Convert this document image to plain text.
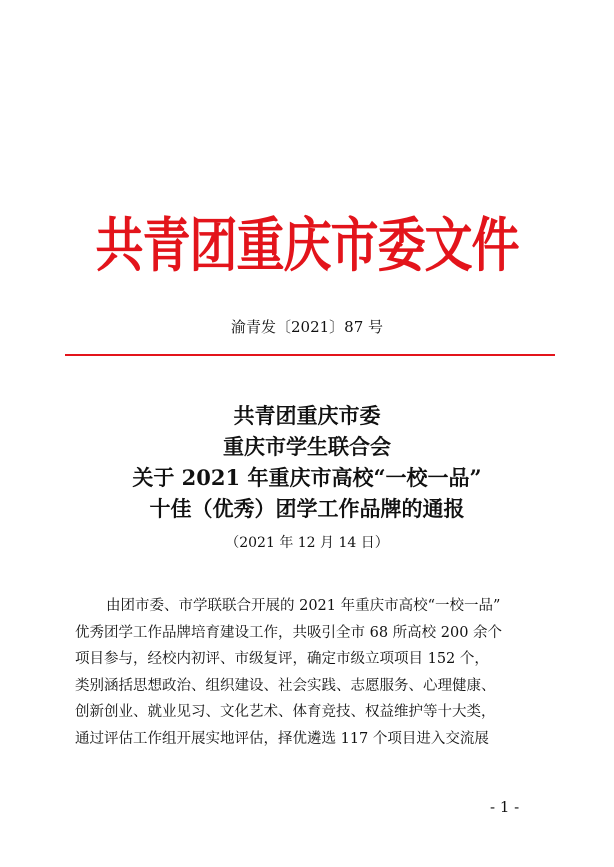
共青团重庆市委文件
渝青发〔2021〕87 号
共青团重庆市委
重庆市学生联合会
关于 2021 年重庆市高校“一校一品”
十佳（优秀）团学工作品牌的通报
（2021 年 12 月 14 日）
由团市委、市学联联合开展的 2021 年重庆市高校“一校一品”
优秀团学工作品牌培育建设工作，共吸引全市 68 所高校 200 余个
项目参与，经校内初评、市级复评，确定市级立项项目 152 个，
类别涵括思想政治、组织建设、社会实践、志愿服务、心理健康、
创新创业、就业见习、文化艺术、体育竞技、权益维护等十大类，
通过评估工作组开展实地评估，择优遴选 117 个项目进入交流展
- 1 -
